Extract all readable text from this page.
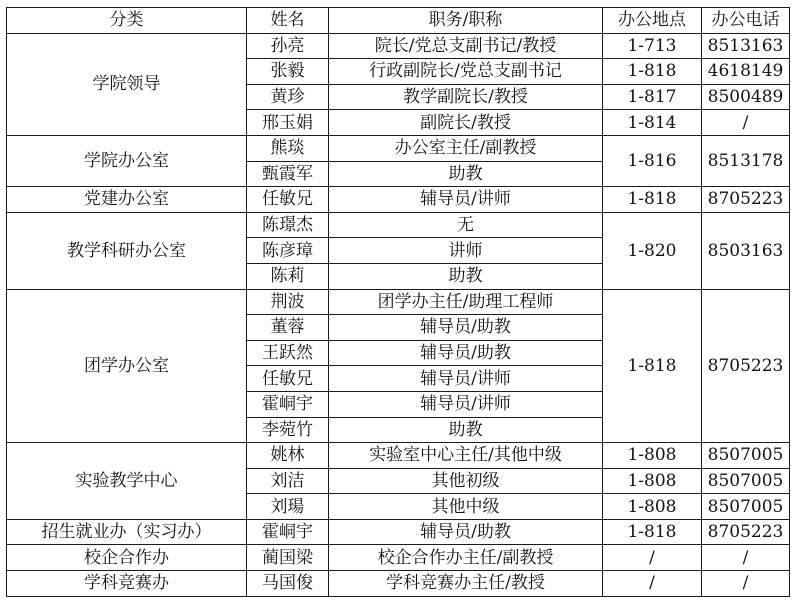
分类	姓名	职务/职称	办公地点	办公电话
学院领导	孙亮	院长/党总支副书记/教授	1-713	8513163
	张毅	行政副院长/党总支副书记	1-818	4618149
	黄珍	教学副院长/教授	1-817	8500489
	邢玉娟	副院长/教授	1-814	/
学院办公室	熊琰	办公室主任/副教授	1-816	8513178
	甄霞军	助教		
党建办公室	任敏兄	辅导员/讲师	1-818	8705223
教学科研办公室	陈璟杰	无	1-820	8503163
	陈彦璋	讲师		
	陈莉	助教		
团学办公室	荆波	团学办主任/助理工程师	1-818	8705223
	董蓉	辅导员/助教		
	王跃然	辅导员/助教		
	任敏兄	辅导员/讲师		
	霍峒宇	辅导员/讲师		
	李菀竹	助教		
实验教学中心	姚林	实验室中心主任/其他中级	1-808	8507005
	刘洁	其他初级	1-808	8507005
	刘瑒	其他中级	1-808	8507005
招生就业办（实习办）	霍峒宇	辅导员/助教	1-818	8705223
校企合作办	蔺国梁	校企合作办主任/副教授	/	/
学科竞赛办	马国俊	学科竞赛办主任/教授	/	/
